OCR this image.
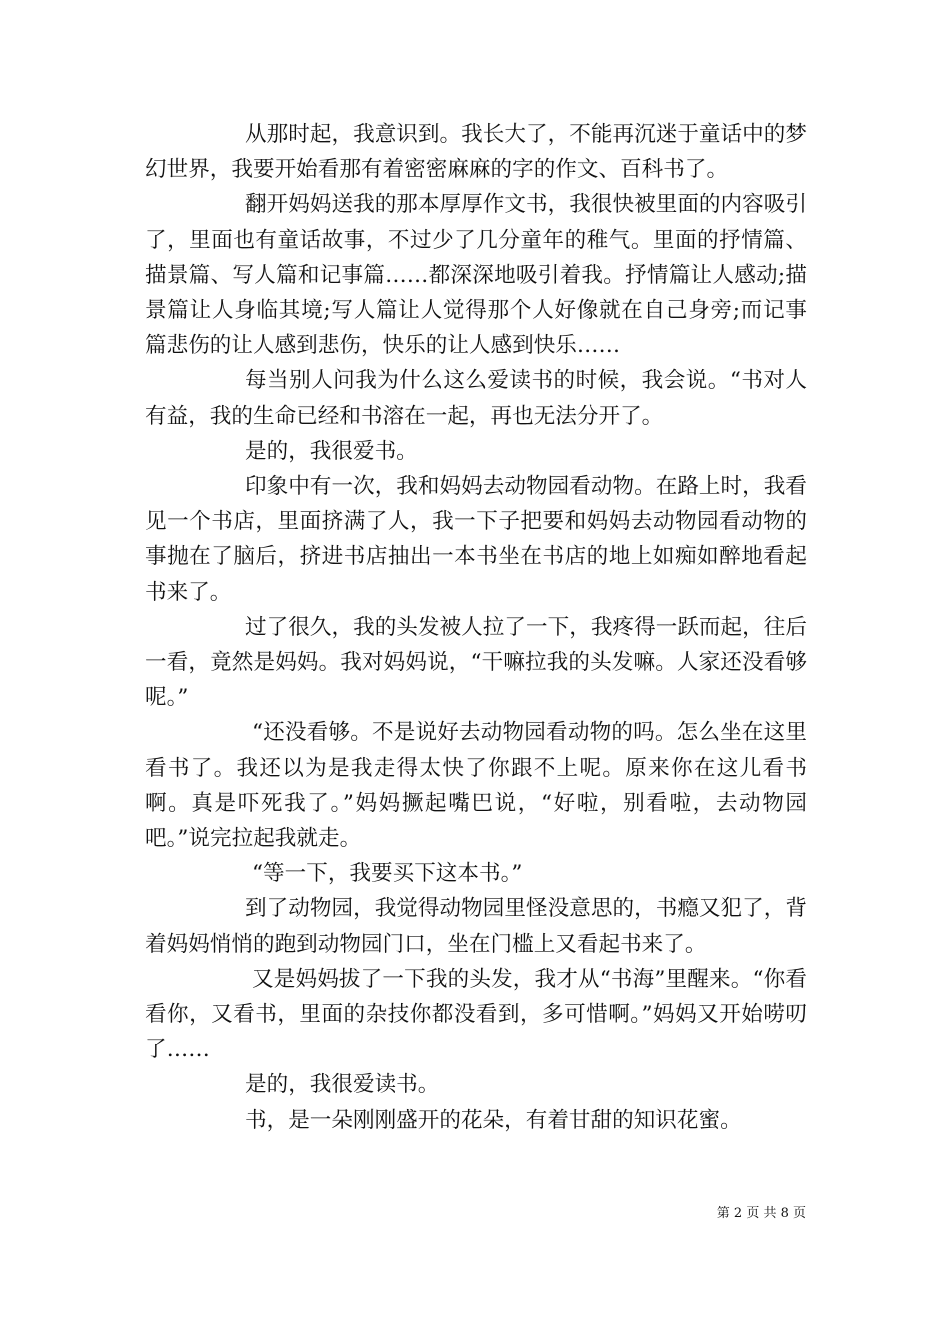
从那时起，我意识到。我长大了，不能再沉迷于童话中的梦幻世界，我要开始看那有着密密麻麻的字的作文、百科书了。

翻开妈妈送我的那本厚厚作文书，我很快被里面的内容吸引了，里面也有童话故事，不过少了几分童年的稚气。里面的抒情篇、描景篇、写人篇和记事篇……都深深地吸引着我。抒情篇让人感动;描景篇让人身临其境;写人篇让人觉得那个人好像就在自己身旁;而记事篇悲伤的让人感到悲伤，快乐的让人感到快乐……

每当别人问我为什么这么爱读书的时候，我会说。“书对人有益，我的生命已经和书溶在一起，再也无法分开了。

是的，我很爱书。

印象中有一次，我和妈妈去动物园看动物。在路上时，我看见一个书店，里面挤满了人，我一下子把要和妈妈去动物园看动物的事抛在了脑后，挤进书店抽出一本书坐在书店的地上如痴如醉地看起书来了。

过了很久，我的头发被人拉了一下，我疼得一跃而起，往后一看，竟然是妈妈。我对妈妈说，“干嘛拉我的头发嘛。人家还没看够呢。”

“还没看够。不是说好去动物园看动物的吗。怎么坐在这里看书了。我还以为是我走得太快了你跟不上呢。原来你在这儿看书啊。真是吓死我了。”妈妈撅起嘴巴说，“好啦，别看啦，去动物园吧。”说完拉起我就走。

“等一下，我要买下这本书。”

到了动物园，我觉得动物园里怪没意思的，书瘾又犯了，背着妈妈悄悄的跑到动物园门口，坐在门槛上又看起书来了。

又是妈妈拔了一下我的头发，我才从“书海”里醒来。“你看看你，又看书，里面的杂技你都没看到，多可惜啊。”妈妈又开始唠叨了……

是的，我很爱读书。

书，是一朵刚刚盛开的花朵，有着甘甜的知识花蜜。

第 2 页 共 8 页
